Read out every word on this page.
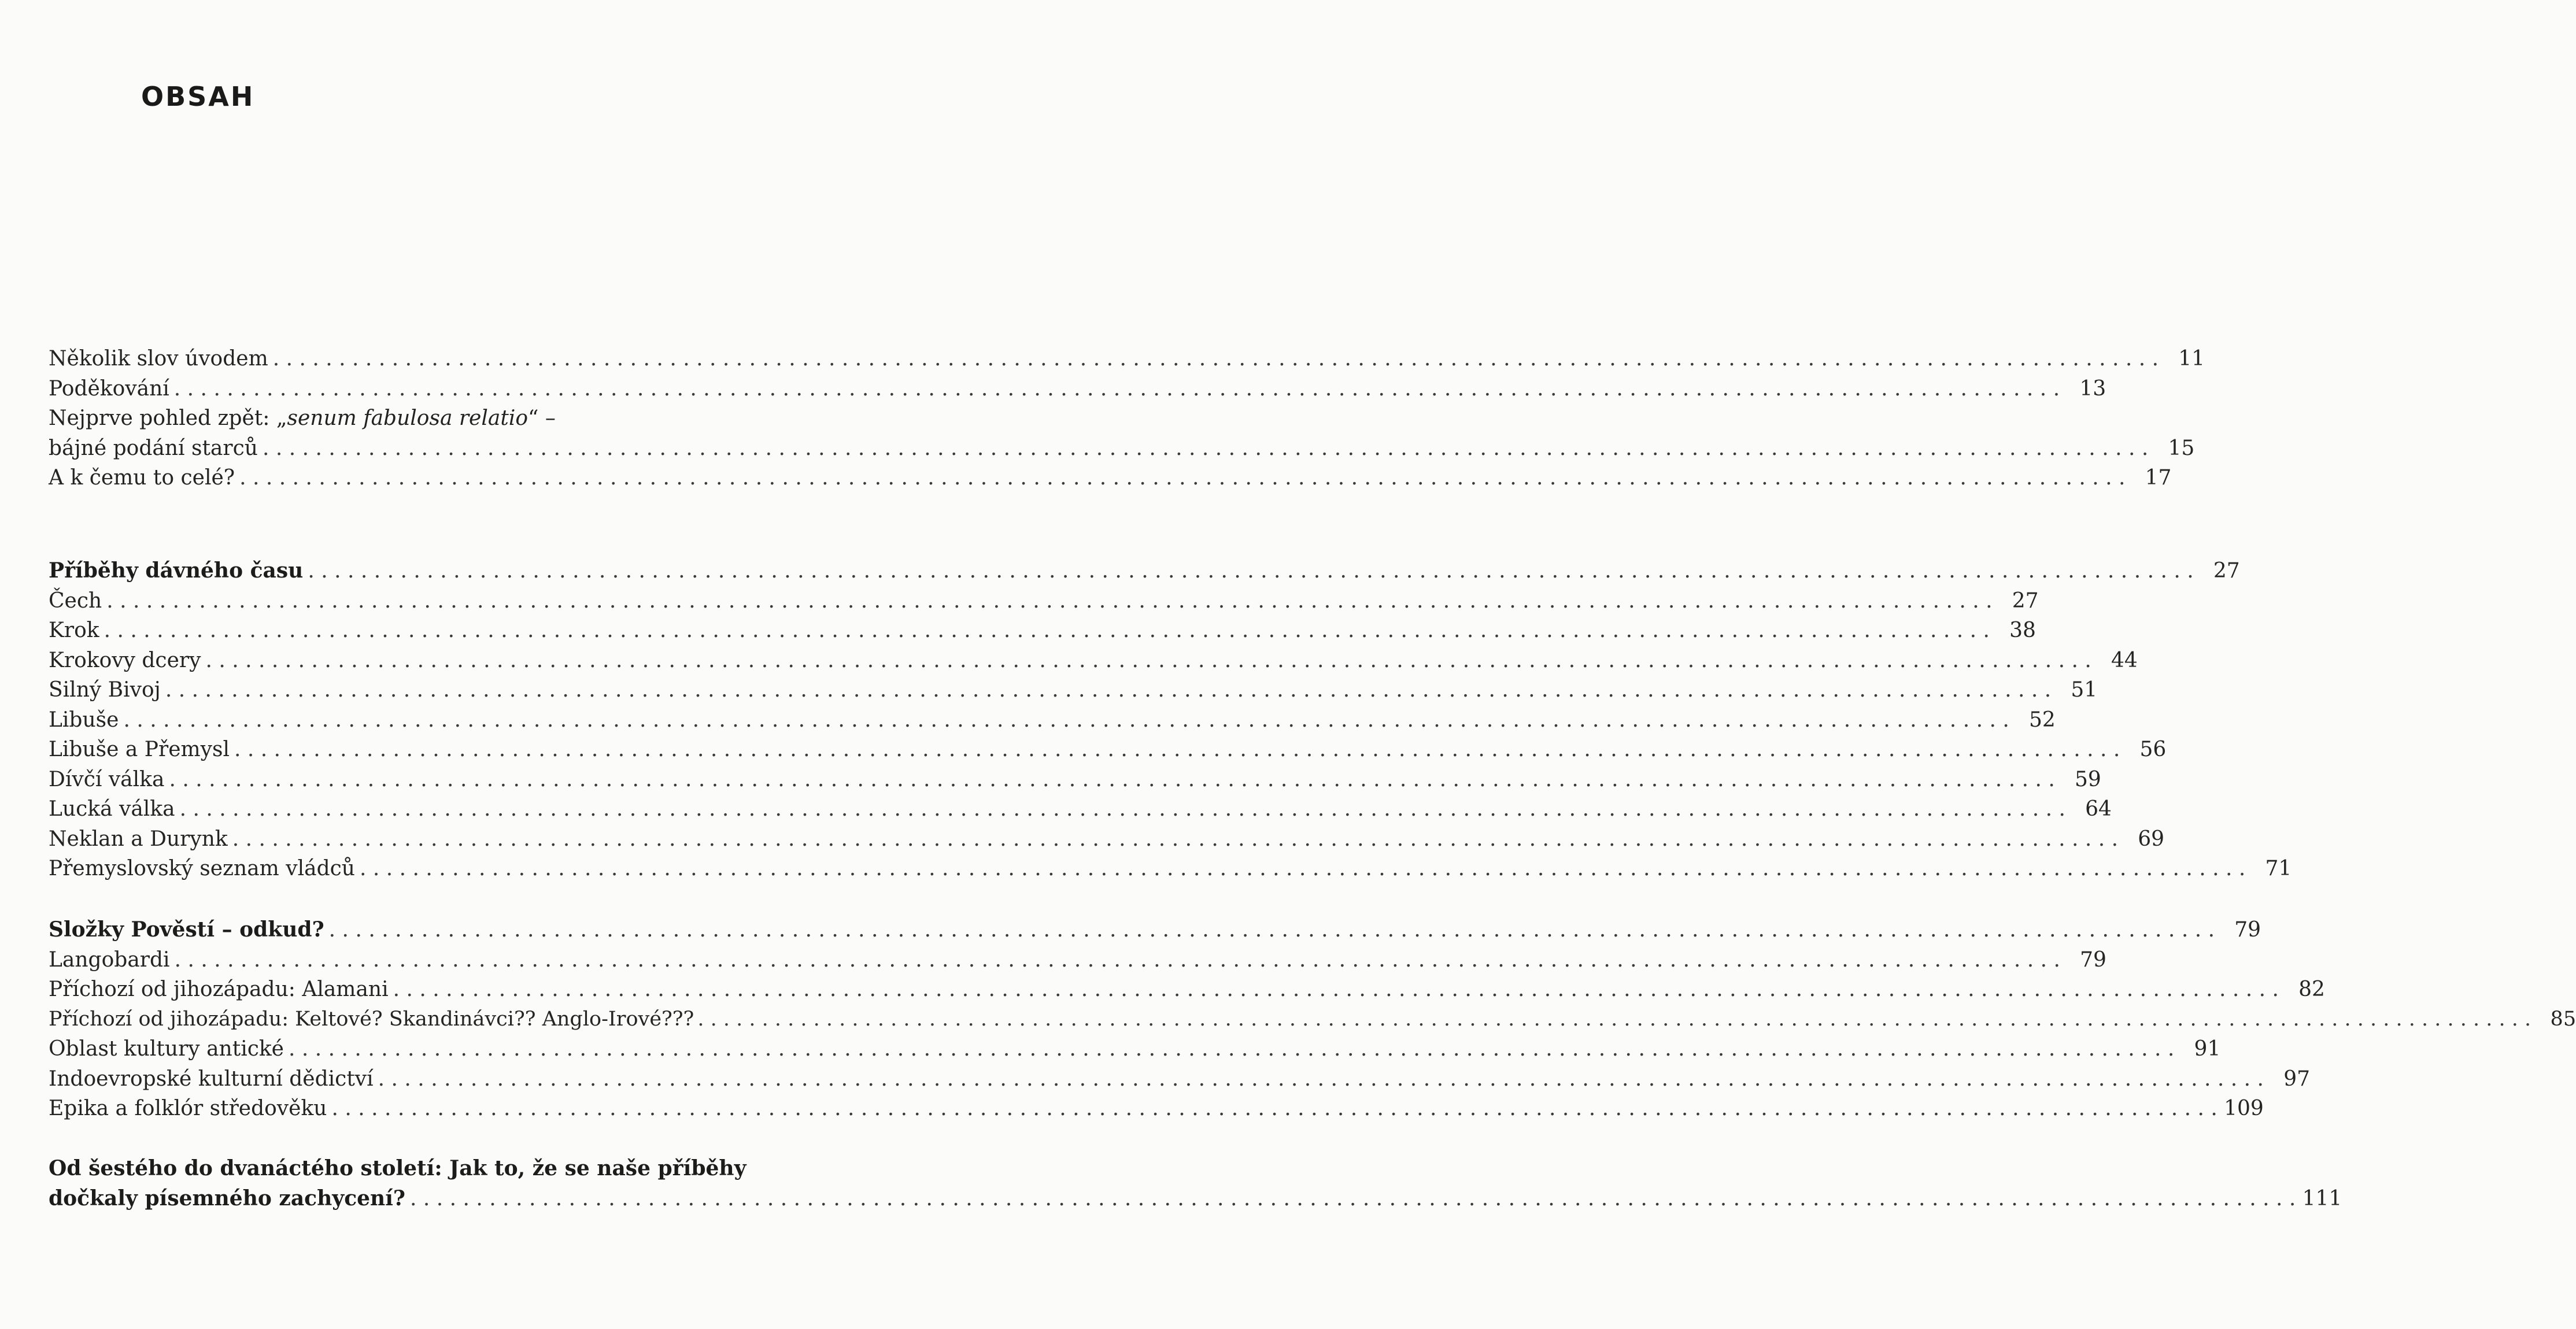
OBSAH
Několik slov úvodem . . .	11
Poděkování . . .	13
Nejprve pohled zpět: „senum fabulosa relatio“ –
bájné podání starců . . .	15
A k čemu to celé? . . .	17
Příběhy dávného času . . .	27
Čech . . .	27
Krok . . .	38
Krokovy dcery . . .	44
Silný Bivoj . . .	51
Libuše . . .	52
Libuše a Přemysl . . .	56
Dívčí válka . . .	59
Lucká válka . . .	64
Neklan a Durynk . . .	69
Přemyslovský seznam vládců . . .	71
Složky Pověstí – odkud? . . .	79
Langobardi . . .	79
Příchozí od jihozápadu: Alamani . . .	82
Příchozí od jihozápadu: Keltové? Skandinávci?? Anglo-Irové??? . . .	85
Oblast kultury antické . . .	91
Indoevropské kulturní dědictví . . .	97
Epika a folklór středověku . . .	109
Od šestého do dvanáctého století: Jak to, že se naše příběhy
dočkaly písemného zachycení? . . .	111
